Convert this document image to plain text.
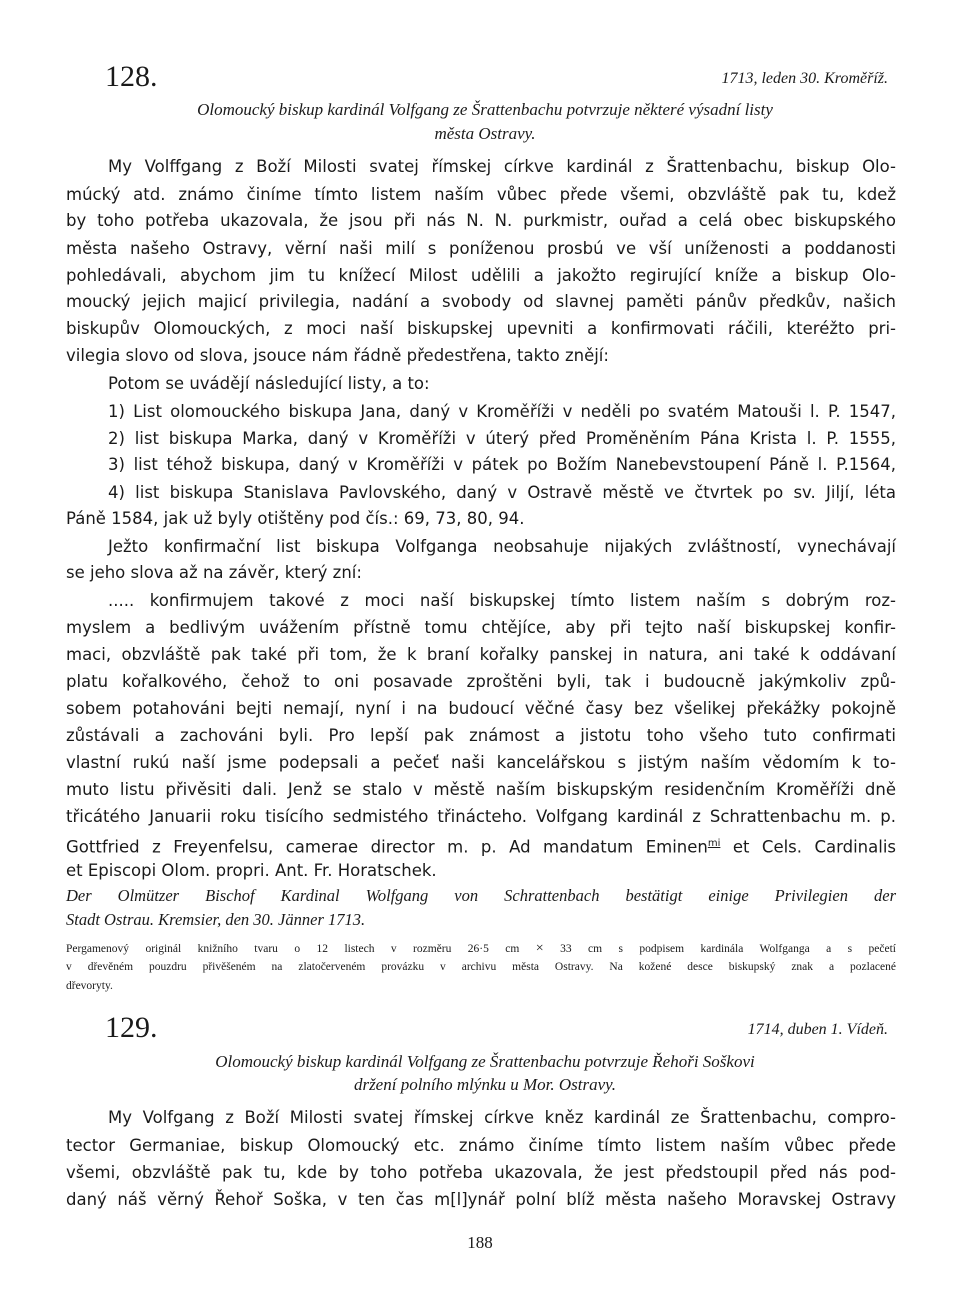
128.	1713, leden 30. Kroměříž.
Olomoucký biskup kardinál Volfgang ze Šrattenbachu potvrzuje některé výsadní listy
města Ostravy.
My Volffgang z Boží Milosti svatej římskej církve kardinál z Šrattenbachu, biskup Olo-
múcký atd. známo činíme tímto listem naším vůbec přede všemi, obzvláště pak tu, kdež
by toho potřeba ukazovala, že jsou při nás N. N. purkmistr, ouřad a celá obec biskupského
města našeho Ostravy, věrní naši milí s poníženou prosbú ve vší uníženosti a poddanosti
pohledávali, abychom jim tu knížecí Milost udělili a jakožto regirující kníže a biskup Olo-
moucký jejich majicí privilegia, nadání a svobody od slavnej paměti pánův předkův, našich
biskupův Olomouckých, z moci naší biskupskej upevniti a konfirmovati ráčili, kteréžto pri-
vilegia slovo od slova, jsouce nám řádně předestřena, takto znějí:
Potom se uvádějí následující listy, a to:
1) List olomouckého biskupa Jana, daný v Kroměříži v neděli po svatém Matouši l. P. 1547,
2) list biskupa Marka, daný v Kroměříži v úterý před Proměněním Pána Krista l. P. 1555,
3) list téhož biskupa, daný v Kroměříži v pátek po Božím Nanebevstoupení Páně l. P.1564,
4) list biskupa Stanislava Pavlovského, daný v Ostravě městě ve čtvrtek po sv. Jiljí, léta
Páně 1584, jak už byly otištěny pod čís.: 69, 73, 80, 94.
Ježto konfirmační list biskupa Volfganga neobsahuje nijakých zvláštností, vynechávají
se jeho slova až na závěr, který zní:
..... konfirmujem takové z moci naší biskupskej tímto listem naším s dobrým roz-
myslem a bedlivým uvážením přístně tomu chtějíce, aby při tejto naší biskupskej konfir-
maci, obzvláště pak také při tom, že k braní kořalky panskej in natura, ani také k oddávaní
platu kořalkového, čehož to oni posavade zproštěni byli, tak i budoucně jakýmkoliv způ-
sobem potahováni bejti nemají, nyní i na budoucí věčné časy bez všelikej překážky pokojně
zůstávali a zachováni byli. Pro lepší pak známost a jistotu toho všeho tuto confirmati
vlastní rukú naší jsme podepsali a pečeť naši kancelářskou s jistým naším vědomím k to-
muto listu přivěsiti dali. Jenž se stalo v městě naším biskupským residenčním Kroměříži dně
třicátého Januarii roku tisícího sedmistého třinácteho. Volfgang kardinál z Schrattenbachu m. p.
Gottfried z Freyenfelsu, camerae director m. p. Ad mandatum Eminen$^{mi}$ et Cels. Cardinalis
et Episcopi Olom. propri. Ant. Fr. Horatschek.
Der Olmützer Bischof Kardinal Wolfgang von Schrattenbach bestätigt einige Privilegien der
Stadt Ostrau. Kremsier, den 30. Jänner 1713.
Pergamenový originál knižního tvaru o 12 listech v rozměru 26·5 cm × 33 cm s podpisem kardinála Wolfganga a s pečetí
v dřevěném pouzdru přivěšeném na zlatočerveném provázku v archivu města Ostravy. Na kožené desce biskupský znak a pozlacené
dřevoryty.
129.	1714, duben 1. Vídeň.
Olomoucký biskup kardinál Volfgang ze Šrattenbachu potvrzuje Řehoři Soškovi
držení polního mlýnku u Mor. Ostravy.
My Volfgang z Boží Milosti svatej římskej církve kněz kardinál ze Šrattenbachu, compro-
tector Germaniae, biskup Olomoucký etc. známo činíme tímto listem naším vůbec přede
všemi, obzvláště pak tu, kde by toho potřeba ukazovala, že jest předstoupil před nás pod-
daný náš věrný Řehoř Soška, v ten čas m[l]ynář polní blíž města našeho Moravskej Ostravy
188
